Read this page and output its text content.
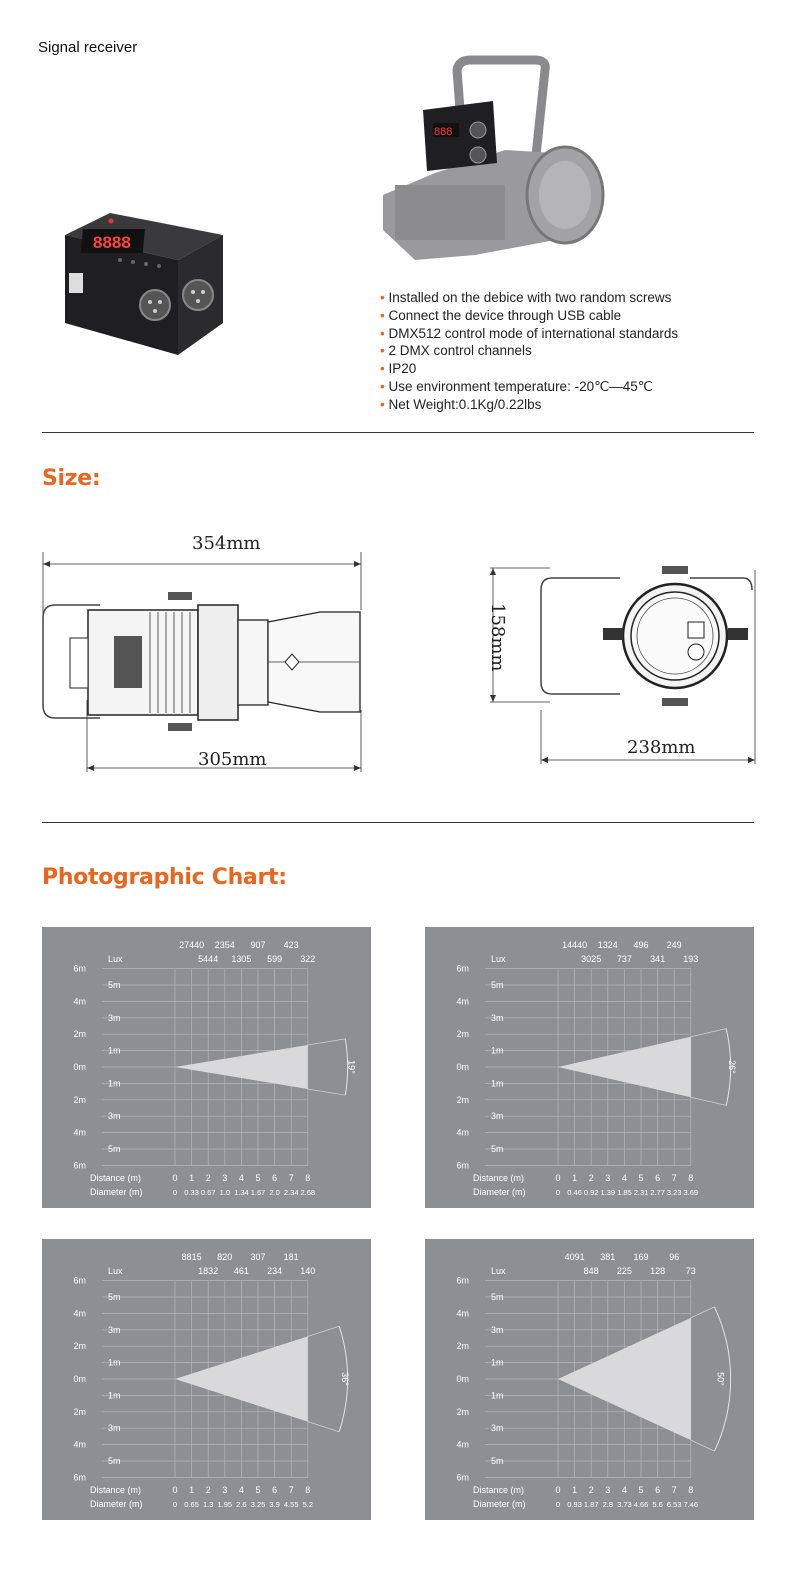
Signal receiver
8888
888
• Installed on the debice with two random screws
• Connect the device through USB cable
• DMX512 control mode of international standards
• 2 DMX control channels
• IP20
• Use environment temperature: -20℃—45℃
• Net Weight:0.1Kg/0.22lbs
Size:
354mm
305mm
158mm
238mm
Photographic Chart:
19°
6m
4m
2m
0m
2m
4m
6m
5m
3m
1m
1m
3m
5m
Lux
27440 2354 907 423
5444 1305 599 322
Distance (m)	0 1 2 3 4 5 6 7 8
Diameter (m)	0 0.33 0.67 1.0 1.34 1.67 2.0 2.34 2.68
26°
6m
4m
2m
0m
2m
4m
6m
5m
3m
1m
1m
3m
5m
Lux
14440 1324 496 249
3025 737 341 193
Distance (m)	0 1 2 3 4 5 6 7 8
Diameter (m)	0 0.46 0.92 1.39 1.85 2.31 2.77 3.23 3.69
36°
6m
4m
2m
0m
2m
4m
6m
5m
3m
1m
1m
3m
5m
Lux
8815 820 307 181
1832 461 234 140
Distance (m)	0 1 2 3 4 5 6 7 8
Diameter (m)	0 0.65 1.3 1.95 2.6 3.25 3.9 4.55 5.2
50°
6m
4m
2m
0m
2m
4m
6m
5m
3m
1m
1m
3m
5m
Lux
4091 381 169 96
848 225 128 73
Distance (m)	0 1 2 3 4 5 6 7 8
Diameter (m)	0 0.93 1.87 2.8 3.73 4.66 5.6 6.53 7.46
